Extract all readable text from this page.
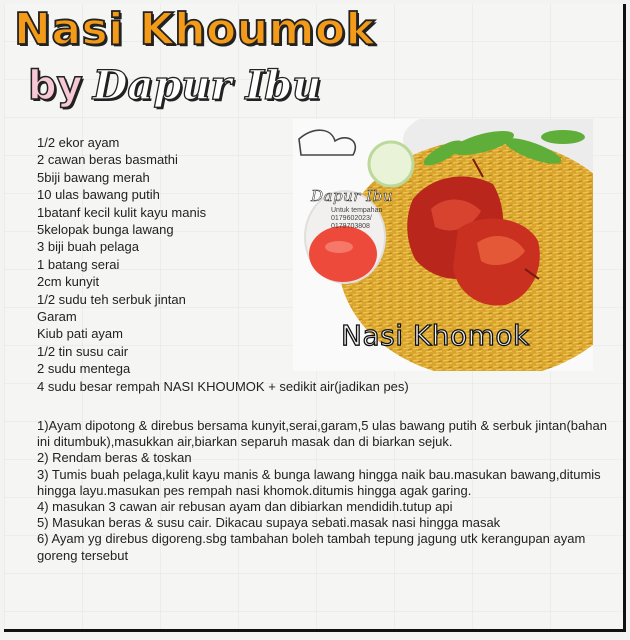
Nasi Khoumok
by Dapur Ibu
Dapur Ibu
Untuk tempahan
0179602023/
0179703808
Nasi Khomok
1/2 ekor ayam
2 cawan beras basmathi
5biji bawang merah
10 ulas bawang putih
1batanf kecil kulit kayu manis
5kelopak bunga lawang
3 biji buah pelaga
1 batang serai
2cm kunyit
1/2 sudu teh serbuk jintan
Garam
Kiub pati ayam
1/2 tin susu cair
2 sudu mentega
4 sudu besar rempah NASI KHOUMOK + sedikit air(jadikan pes)
1)Ayam dipotong & direbus bersama kunyit,serai,garam,5 ulas bawang putih & serbuk jintan(bahan ini ditumbuk),masukkan air,biarkan separuh masak dan di biarkan sejuk.
2) Rendam beras & toskan
3) Tumis buah pelaga,kulit kayu manis & bunga lawang hingga naik bau.masukan bawang,ditumis hingga layu.masukan pes rempah nasi khomok.ditumis hingga agak garing.
4) masukan 3 cawan air rebusan ayam dan dibiarkan mendidih.tutup api
5) Masukan beras & susu cair. Dikacau supaya sebati.masak nasi hingga masak
6) Ayam yg direbus digoreng.sbg tambahan boleh tambah tepung jagung utk kerangupan ayam goreng tersebut
